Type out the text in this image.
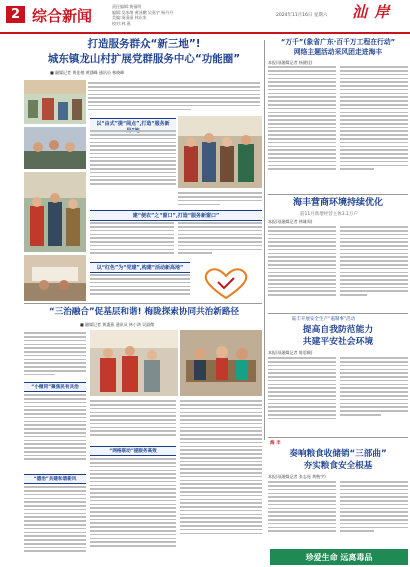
2 综合新闻
责任编辑:黄福明
编辑:吴冰绪 黄泽鹏 吴嘉宇 杨丹丹
美编:汤清丽 林东来
校对:林 燕
2024年11月16日 星期六 汕 岸
打造服务群众“新三地”!
城东镇龙山村扩展党群服务中心“功能圈”
■ 融媒记者 黄佳榕 黄涵峰 通讯员 林晓峰
以“由式”提“阅点”,打造“服务新
建“便农”之“窗口”,打造“服务新窗口”
以“红色”为“党建”,构建“活动新高地”
“三治融合”促基层和谐! 梅陇探索协同共治新路径
■ 融媒记者 黄惠燕 通讯员 林小鸿 吴淑微
“小微同”聚焦民有共治
“德治”共建和谐新风
“网格联动”提服务高效
“万千”(象省广东·百千万工程在行动”
网络主题活动采风团走进海丰
本报讯(融媒记者 杨健佳)
海丰营商环境持续优化
前11月新增经营主体3.1万户
本报讯(融媒记者 林雄周)
陆丰开展安全生产“遏制事”活动
提高自我防范能力
共建平安社会环境
本报讯(融媒记者 陈思颖)
海 丰
奏响粮食收储销“三部曲”
夯实粮食安全根基
本报讯(融媒记者 张志遥 黄楷宇)
珍爱生命 远离毒品
